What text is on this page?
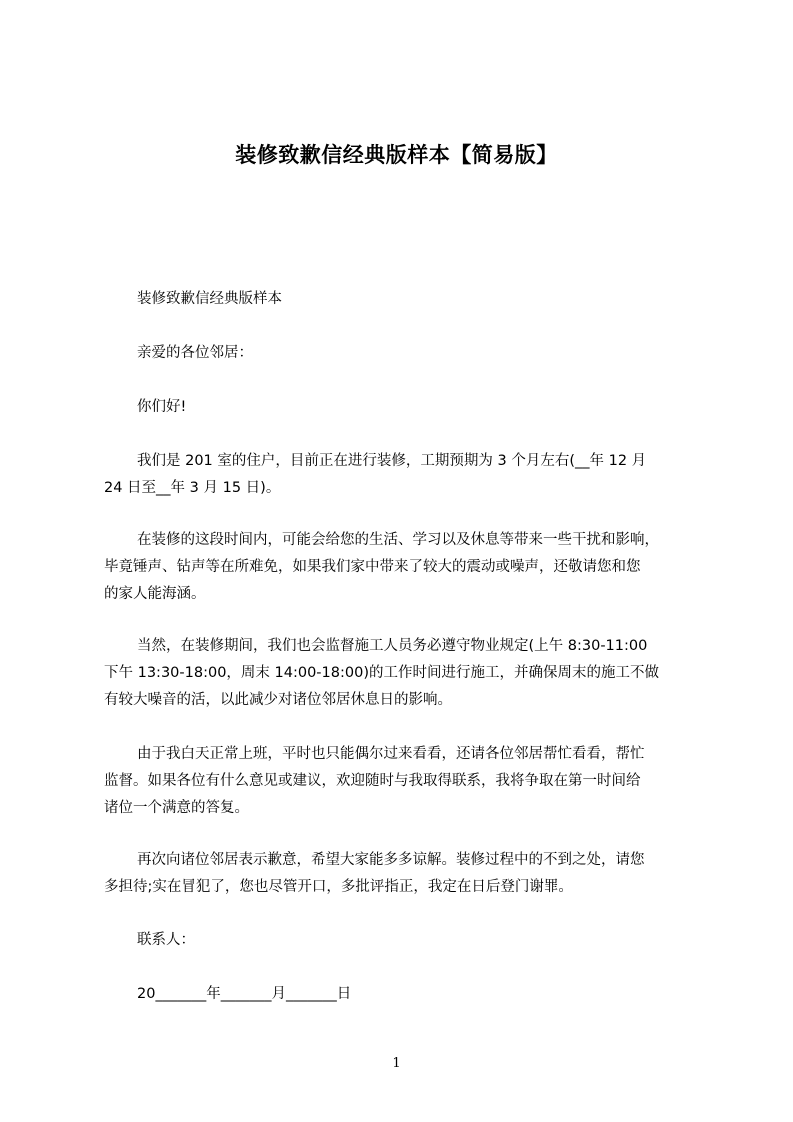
装修致歉信经典版样本【简易版】
装修致歉信经典版样本
亲爱的各位邻居：
你们好!
我们是 201 室的住户，目前正在进行装修，工期预期为 3 个月左右(__年 12 月
24 日至__年 3 月 15 日)。
在装修的这段时间内，可能会给您的生活、学习以及休息等带来一些干扰和影响，
毕竟锤声、钻声等在所难免，如果我们家中带来了较大的震动或噪声，还敬请您和您
的家人能海涵。
当然，在装修期间，我们也会监督施工人员务必遵守物业规定(上午 8:30-11:00
下午 13:30-18:00，周末 14:00-18:00)的工作时间进行施工，并确保周末的施工不做
有较大噪音的活，以此减少对诸位邻居休息日的影响。
由于我白天正常上班，平时也只能偶尔过来看看，还请各位邻居帮忙看看，帮忙
监督。如果各位有什么意见或建议，欢迎随时与我取得联系，我将争取在第一时间给
诸位一个满意的答复。
再次向诸位邻居表示歉意，希望大家能多多谅解。装修过程中的不到之处，请您
多担待;实在冒犯了，您也尽管开口，多批评指正，我定在日后登门谢罪。
联系人：
20_______年_______月_______日
1
